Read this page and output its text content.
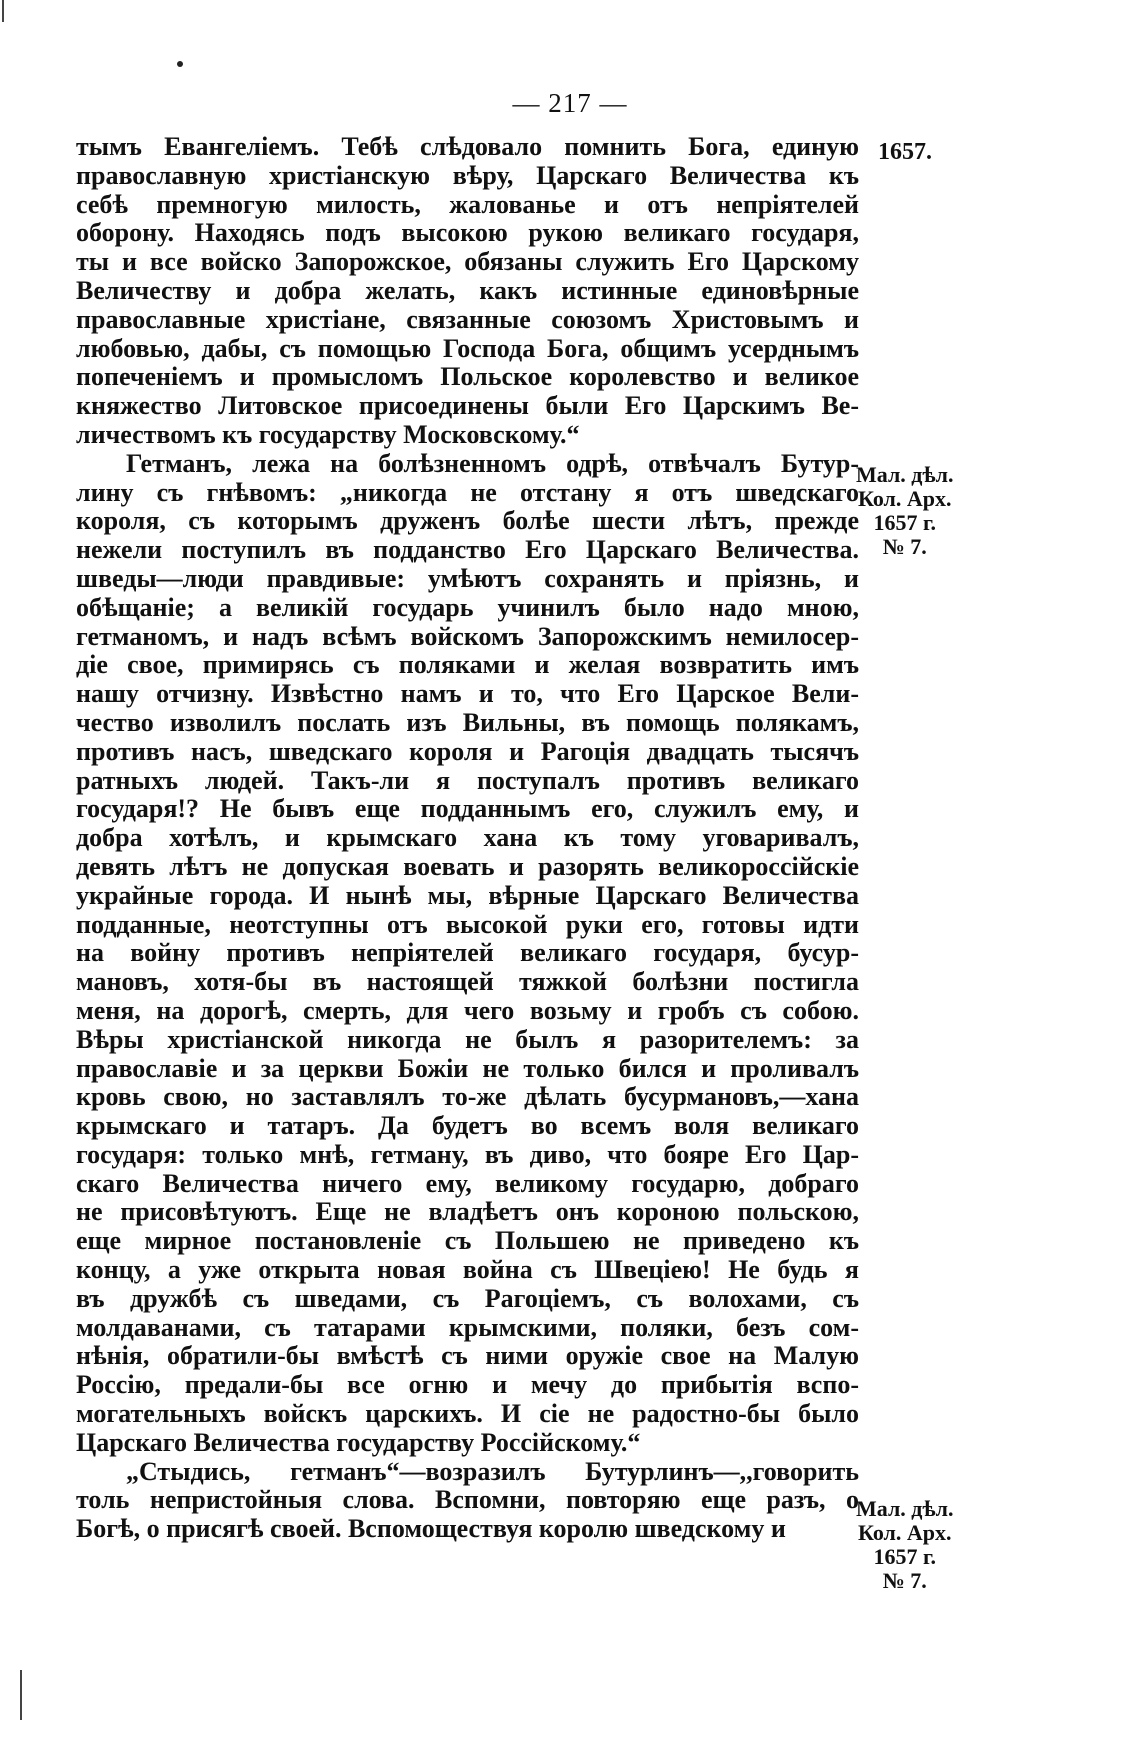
— 217 —
1657.
Мал. дѣл.
Кол. Арх.
1657 г.
№ 7.
Мал. дѣл.
Кол. Арх.
1657 г.
№ 7.

тымъ Евангеліемъ. Тебѣ слѣдовало помнить Бога, единую
православную христіанскую вѣру, Царскаго Величества къ
себѣ премногую милость, жалованье и отъ непріятелей
оборону. Находясь подъ высокою рукою великаго государя,
ты и все войско Запорожское, обязаны служить Его Царскому
Величеству и добра желать, какъ истинные единовѣрные
православные христіане, связанные союзомъ Христовымъ и
любовью, дабы, съ помощью Господа Бога, общимъ усерднымъ
попеченіемъ и промысломъ Польское королевство и великое
княжество Литовское присоединены были Его Царскимъ Ве-
личествомъ къ государству Московскому.“

Гетманъ, лежа на болѣзненномъ одрѣ, отвѣчалъ Бутур-
лину съ гнѣвомъ: „никогда не отстану я отъ шведскаго
короля, съ которымъ друженъ болѣе шести лѣтъ, прежде
нежели поступилъ въ подданство Его Царскаго Величества.
шведы—люди правдивые: умѣютъ сохранять и пріязнь, и
обѣщаніе; а великій государь учинилъ было надо мною,
гетманомъ, и надъ всѣмъ войскомъ Запорожскимъ немилосер-
діе свое, примирясь съ поляками и желая возвратить имъ
нашу отчизну. Извѣстно намъ и то, что Его Царское Вели-
чество изволилъ послать изъ Вильны, въ помощь полякамъ,
противъ насъ, шведскаго короля и Рагоція двадцать тысячъ
ратныхъ людей. Такъ-ли я поступалъ противъ великаго
государя!? Не бывъ еще подданнымъ его, служилъ ему, и
добра хотѣлъ, и крымскаго хана къ тому уговаривалъ,
девять лѣтъ не допуская воевать и разорять великороссійскіе
украйные города. И нынѣ мы, вѣрные Царскаго Величества
подданные, неотступны отъ высокой руки его, готовы идти
на войну противъ непріятелей великаго государя, бусур-
мановъ, хотя-бы въ настоящей тяжкой болѣзни постигла
меня, на дорогѣ, смерть, для чего возьму и гробъ съ собою.
Вѣры христіанской никогда не былъ я разорителемъ: за
православіе и за церкви Божіи не только бился и проливалъ
кровь свою, но заставлялъ то-же дѣлать бусурмановъ,—хана
крымскаго и татаръ. Да будетъ во всемъ воля великаго
государя: только мнѣ, гетману, въ диво, что бояре Его Цар-
скаго Величества ничего ему, великому государю, добраго
не присовѣтуютъ. Еще не владѣетъ онъ короною польскою,
еще мирное постановленіе съ Польшею не приведено къ
концу, а уже открыта новая война съ Швеціею! Не будь я
въ дружбѣ съ шведами, съ Рагоціемъ, съ волохами, съ
молдаванами, съ татарами крымскими, поляки, безъ сом-
нѣнія, обратили-бы вмѣстѣ съ ними оружіе свое на Малую
Россію, предали-бы все огню и мечу до прибытія вспо-
могательныхъ войскъ царскихъ. И сіе не радостно-бы было
Царскаго Величества государству Россійскому.“

„Стыдись, гетманъ“—возразилъ Бутурлинъ—,,говорить
толь непристойныя слова. Вспомни, повторяю еще разъ, о
Богѣ, о присягѣ своей. Вспомоществуя королю шведскому и
